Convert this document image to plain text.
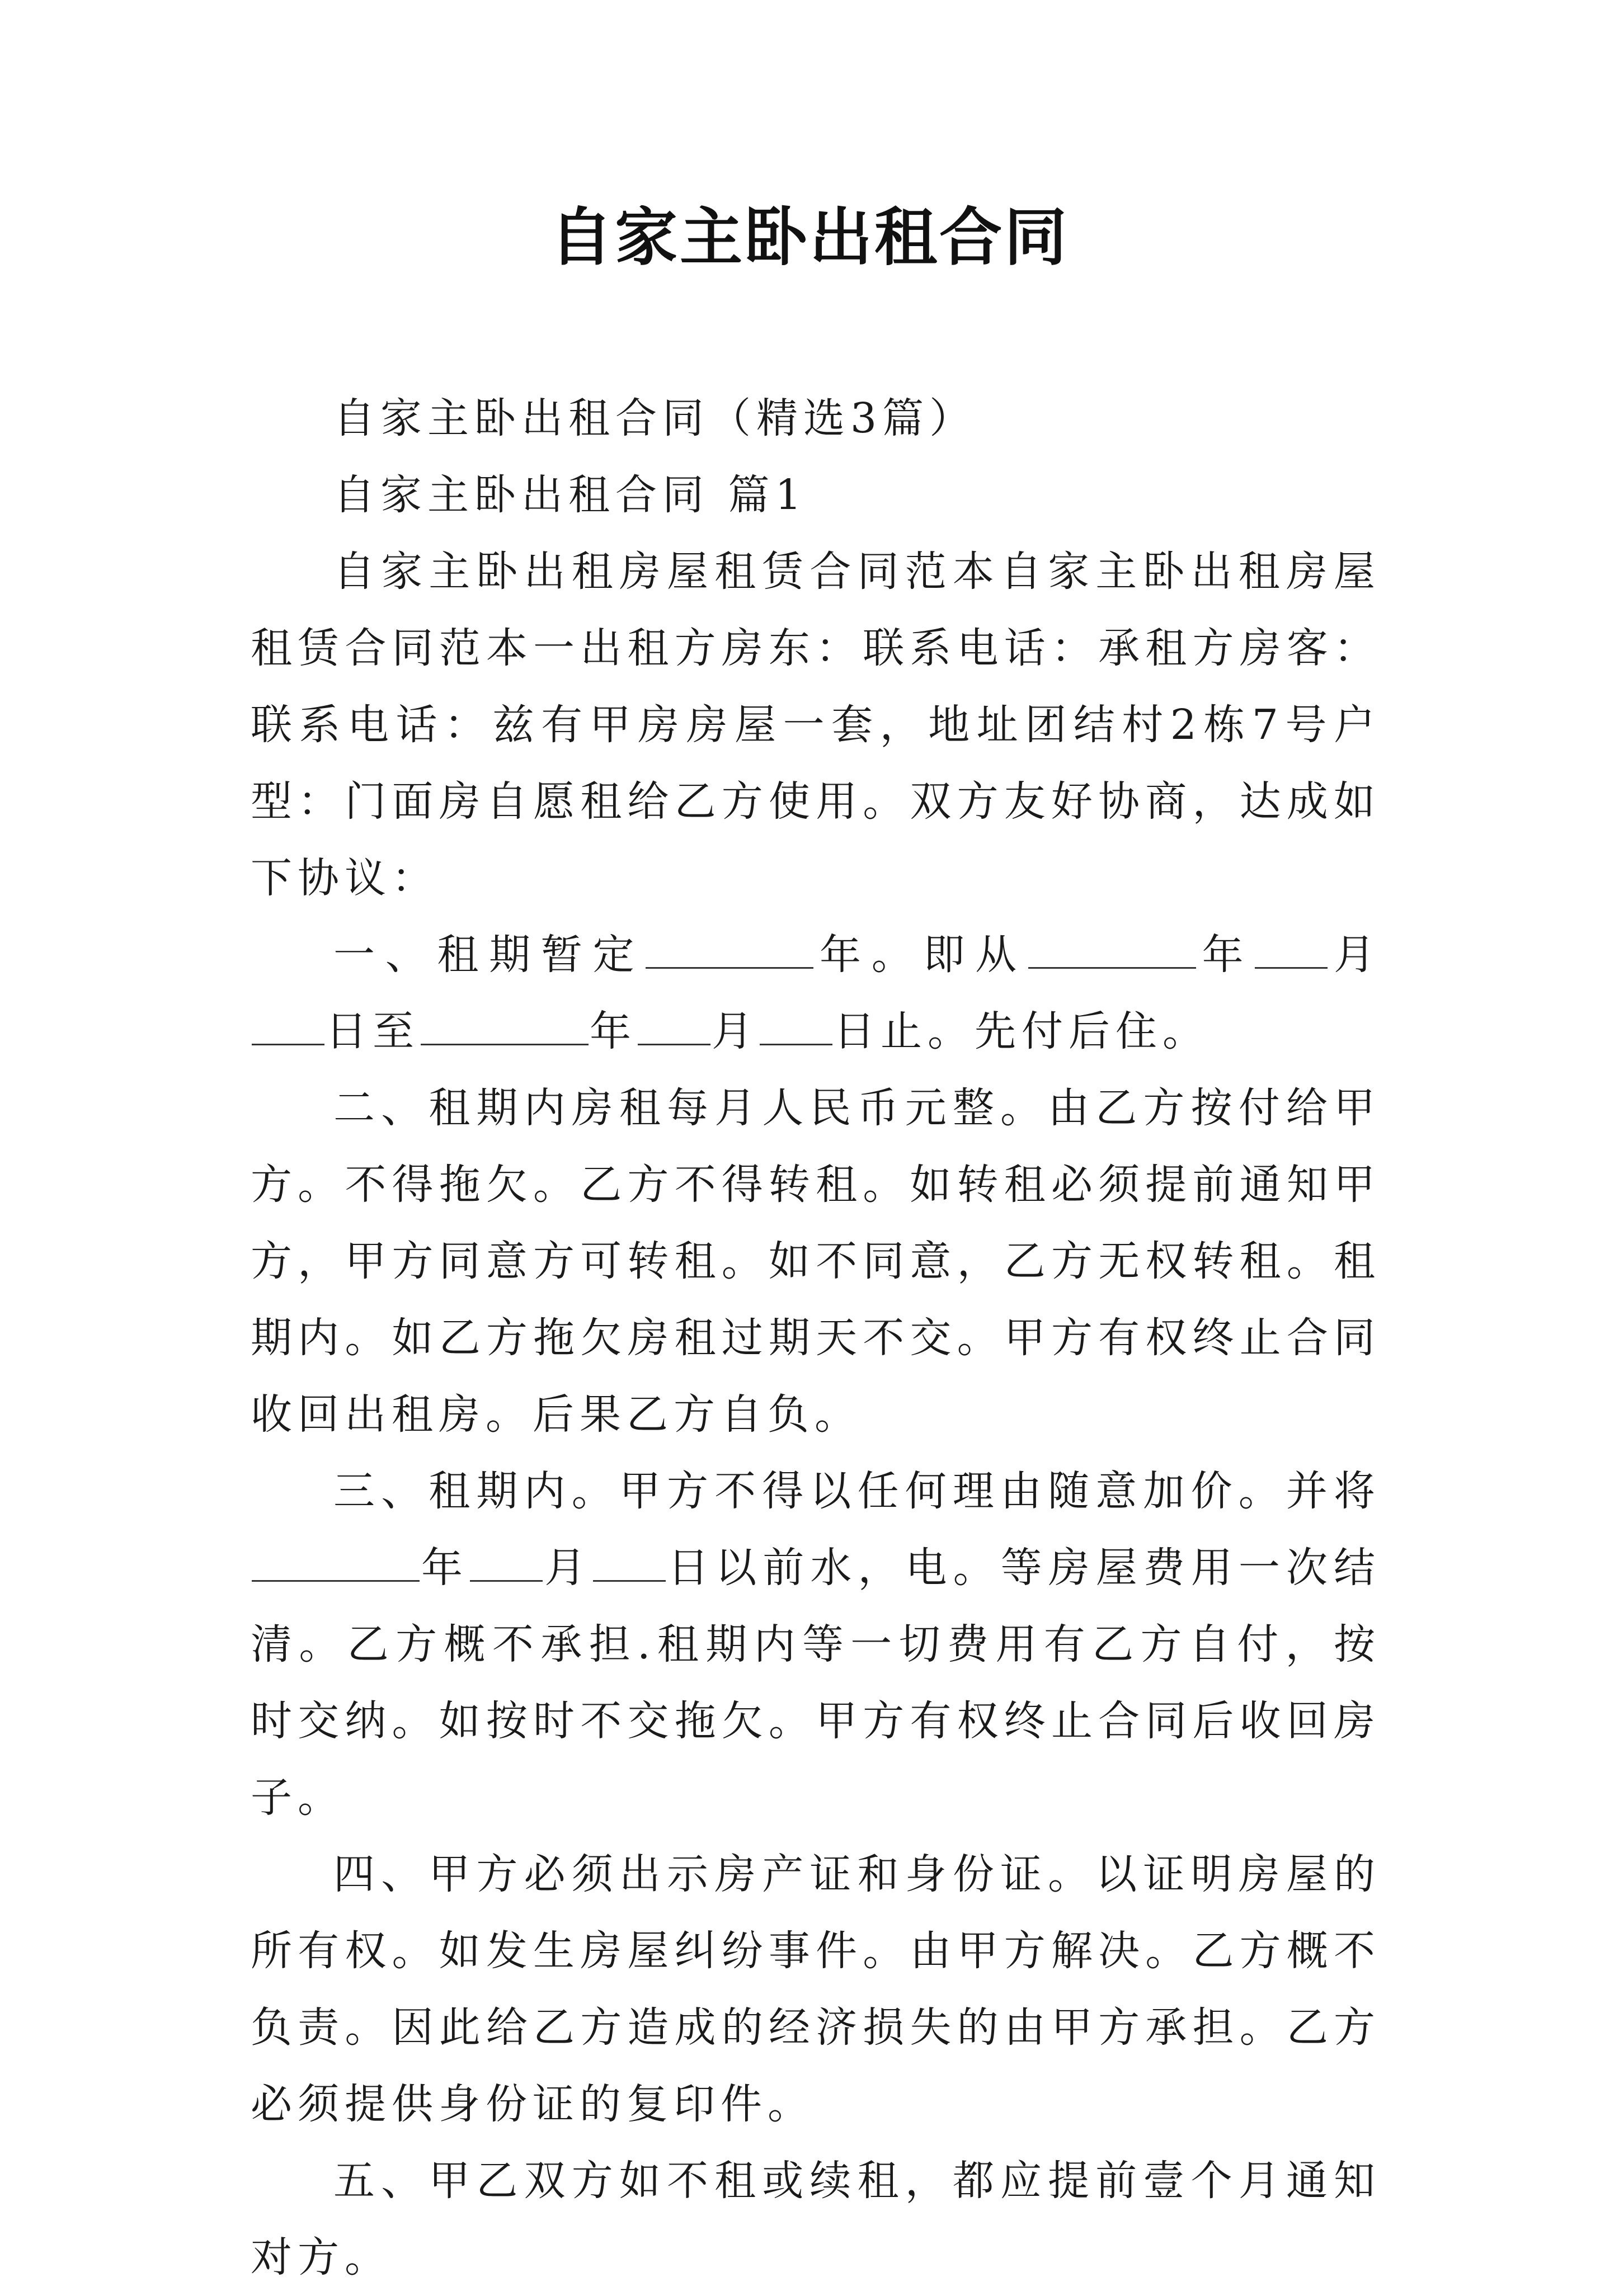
自家主卧出租合同

自家主卧出租合同（精选3篇）

自家主卧出租合同 篇1

自家主卧出租房屋租赁合同范本自家主卧出租房屋租赁合同范本一出租方房东：联系电话：承租方房客：联系电话：兹有甲房房屋一套，地址团结村2栋7号户型：门面房自愿租给乙方使用。双方友好协商，达成如下协议：

一、租期暂定	年。即从	年 月日至	年 月 日止。先付后住。

二、租期内房租每月人民币元整。由乙方按付给甲方。不得拖欠。乙方不得转租。如转租必须提前通知甲方，甲方同意方可转租。如不同意，乙方无权转租。租期内。如乙方拖欠房租过期天不交。甲方有权终止合同收回出租房。后果乙方自负。

三、租期内。甲方不得以任何理由随意加价。并将年 月 日以前水，电。等房屋费用一次结清。乙方概不承担.租期内等一切费用有乙方自付，按时交纳。如按时不交拖欠。甲方有权终止合同后收回房子。

四、甲方必须出示房产证和身份证。以证明房屋的所有权。如发生房屋纠纷事件。由甲方解决。乙方概不负责。因此给乙方造成的经济损失的由甲方承担。乙方必须提供身份证的复印件。

五、甲乙双方如不租或续租，都应提前壹个月通知对方。
